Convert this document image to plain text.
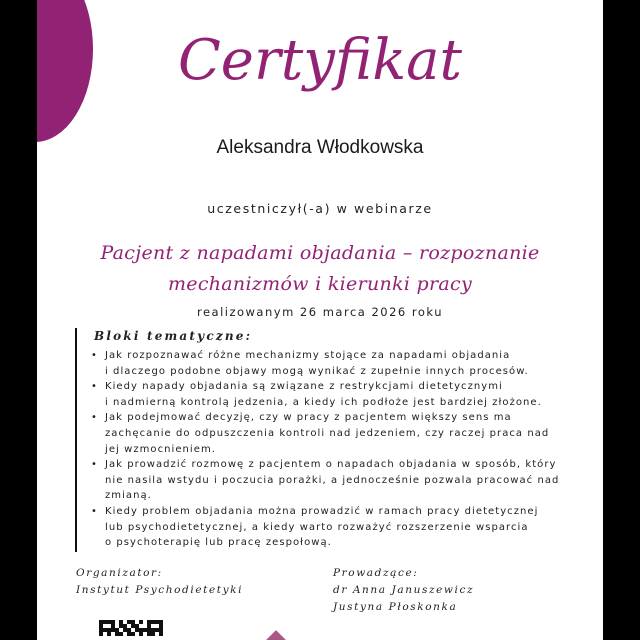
Certyfikat
Aleksandra Włodkowska
uczestniczył(-a) w webinarze
Pacjent z napadami objadania – rozpoznanie
mechanizmów i kierunki pracy
realizowanym 26 marca 2026 roku
Bloki tematyczne:
• Jak rozpoznawać różne mechanizmy stojące za napadami objadania
i dlaczego podobne objawy mogą wynikać z zupełnie innych procesów.
• Kiedy napady objadania są związane z restrykcjami dietetycznymi
i nadmierną kontrolą jedzenia, a kiedy ich podłoże jest bardziej złożone.
• Jak podejmować decyzję, czy w pracy z pacjentem większy sens ma
zachęcanie do odpuszczenia kontroli nad jedzeniem, czy raczej praca nad
jej wzmocnieniem.
• Jak prowadzić rozmowę z pacjentem o napadach objadania w sposób, który
nie nasila wstydu i poczucia porażki, a jednocześnie pozwala pracować nad
zmianą.
• Kiedy problem objadania można prowadzić w ramach pracy dietetycznej
lub psychodietetycznej, a kiedy warto rozważyć rozszerzenie wsparcia
o psychoterapię lub pracę zespołową.
Organizator:
Instytut Psychodietetyki
Prowadzące:
dr Anna Januszewicz
Justyna Płoskonka
